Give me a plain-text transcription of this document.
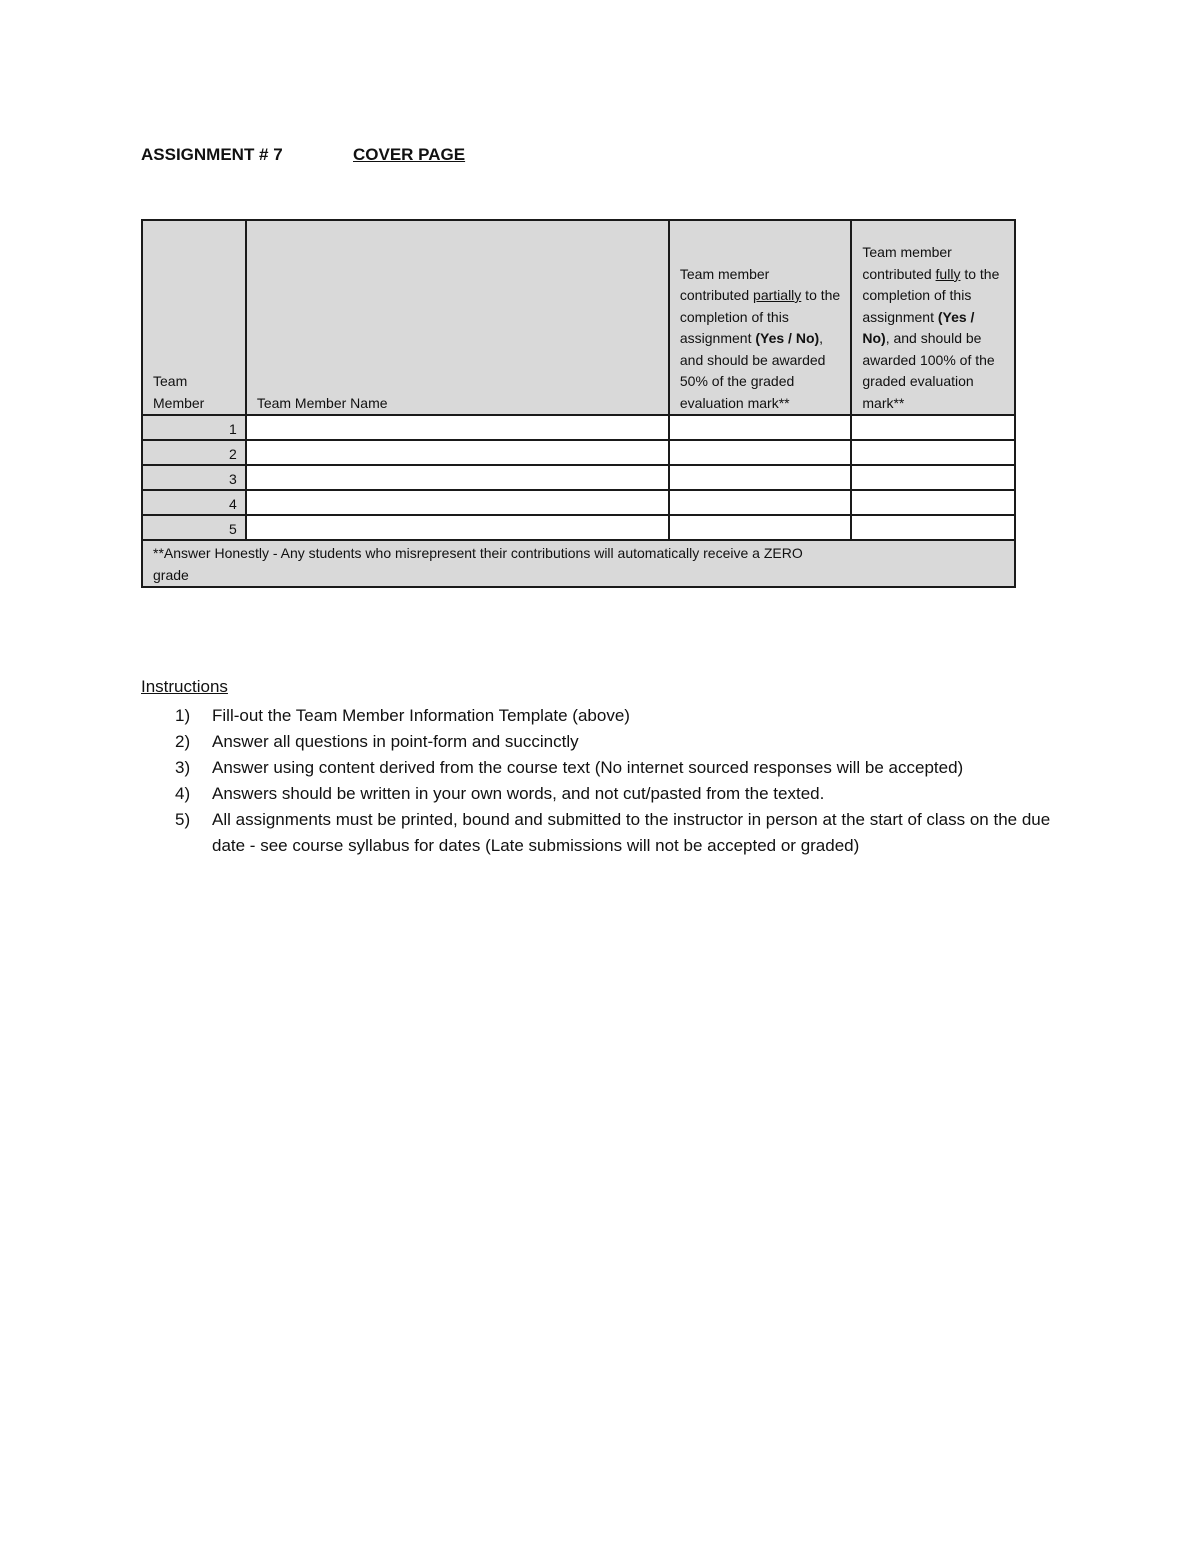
ASSIGNMENT # 7	COVER PAGE
Team Member	Team Member Name	Team member contributed partially to the completion of this assignment (Yes / No), and should be awarded 50% of the graded evaluation mark**	Team member contributed fully to the completion of this assignment (Yes / No), and should be awarded 100% of the graded evaluation mark**
1			
2			
3			
4			
5			

**Answer Honestly - Any students who misrepresent their contributions will automatically receive a ZERO grade			
Instructions
1) Fill-out the Team Member Information Template (above)
2) Answer all questions in point-form and succinctly
3) Answer using content derived from the course text (No internet sourced responses will be accepted)
4) Answers should be written in your own words, and not cut/pasted from the texted.
5) All assignments must be printed, bound and submitted to the instructor in person at the start of class on the due date - see course syllabus for dates (Late submissions will not be accepted or graded)
